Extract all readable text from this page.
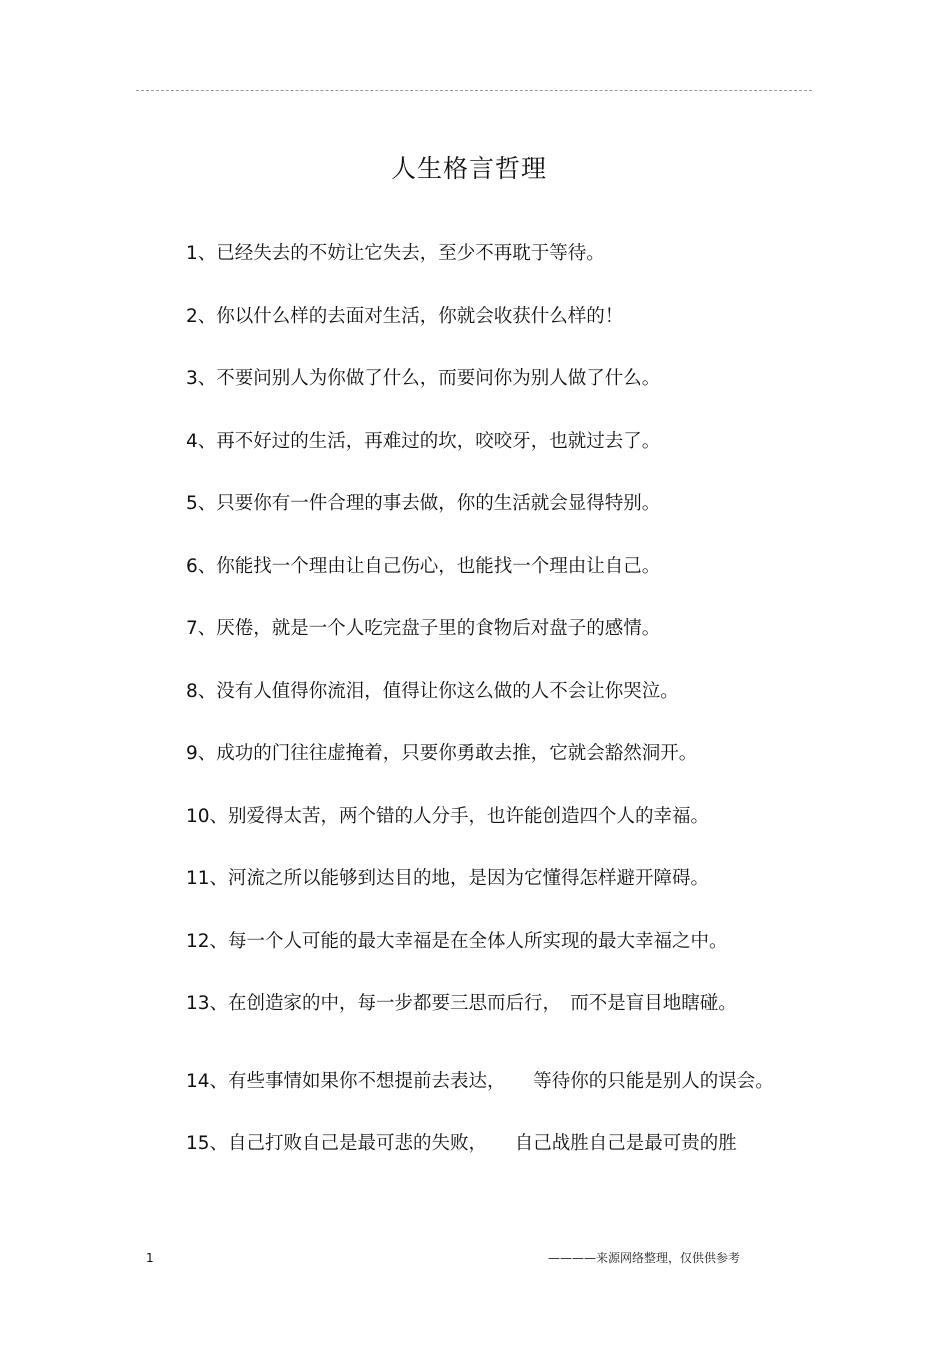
人生格言哲理
1、已经失去的不妨让它失去，至少不再耽于等待。
2、你以什么样的去面对生活，你就会收获什么样的！
3、不要问别人为你做了什么，而要问你为别人做了什么。
4、再不好过的生活，再难过的坎，咬咬牙，也就过去了。
5、只要你有一件合理的事去做，你的生活就会显得特别。
6、你能找一个理由让自己伤心，也能找一个理由让自己。
7、厌倦，就是一个人吃完盘子里的食物后对盘子的感情。
8、没有人值得你流泪，值得让你这么做的人不会让你哭泣。
9、成功的门往往虚掩着，只要你勇敢去推，它就会豁然洞开。
10、别爱得太苦，两个错的人分手，也许能创造四个人的幸福。
11、河流之所以能够到达目的地，是因为它懂得怎样避开障碍。
12、每一个人可能的最大幸福是在全体人所实现的最大幸福之中。
13、在创造家的中，每一步都要三思而后行，　而不是盲目地瞎碰。
14、有些事情如果你不想提前去表达，　　等待你的只能是别人的误会。
15、自己打败自己是最可悲的失败，　　自己战胜自己是最可贵的胜
1	————来源网络整理，仅供供参考
